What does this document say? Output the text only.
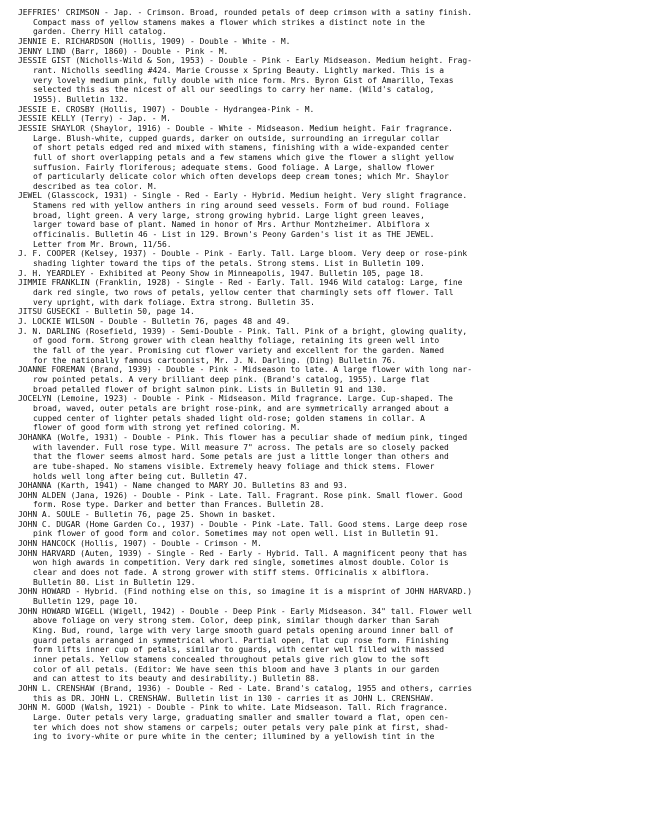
JEFFRIES' CRIMSON - Jap. - Crimson. Broad, rounded petals of deep crimson with a satiny finish.
Compact mass of yellow stamens makes a flower which strikes a distinct note in the
garden. Cherry Hill catalog.
JENNIE E. RICHARDSON (Hollis, 1909) - Double - White - M.
JENNY LIND (Barr, 1860) - Double - Pink - M.
JESSIE GIST (Nicholls-Wild & Son, 1953) - Double - Pink - Early Midseason. Medium height. Frag-
rant. Nicholls seedling #424. Marie Crousse x Spring Beauty. Lightly marked. This is a
very lovely medium pink, fully double with nice form. Mrs. Byron Gist of Amarillo, Texas
selected this as the nicest of all our seedlings to carry her name. (Wild's catalog,
1955). Bulletin 132.
JESSIE E. CROSBY (Hollis, 1907) - Double - Hydrangea-Pink - M.
JESSIE KELLY (Terry) - Jap. - M.
JESSIE SHAYLOR (Shaylor, 1916) - Double - White - Midseason. Medium height. Fair fragrance.
Large. Blush-white, cupped guards, darker on outside, surrounding an irregular collar
of short petals edged red and mixed with stamens, finishing with a wide-expanded center
full of short overlapping petals and a few stamens which give the flower a slight yellow
suffusion. Fairly floriferous; adequate stems. Good foliage. A Large, shallow flower
of particularly delicate color which often develops deep cream tones; which Mr. Shaylor
described as tea color. M.
JEWEL (Glasscock, 1931) - Single - Red - Early - Hybrid. Medium height. Very slight fragrance.
Stamens red with yellow anthers in ring around seed vessels. Form of bud round. Foliage
broad, light green. A very large, strong growing hybrid. Large light green leaves,
larger toward base of plant. Named in honor of Mrs. Arthur Montzheimer. Albiflora x
officinalis. Bulletin 46 - List in 129. Brown's Peony Garden's list it as THE JEWEL.
Letter from Mr. Brown, 11/56.
J. F. COOPER (Kelsey, 1937) - Double - Pink - Early. Tall. Large bloom. Very deep or rose-pink
shading lighter toward the tips of the petals. Strong stems. List in Bulletin 109.
J. H. YEARDLEY - Exhibited at Peony Show in Minneapolis, 1947. Bulletin 105, page 18.
JIMMIE FRANKLIN (Franklin, 1928) - Single - Red - Early. Tall. 1946 Wild catalog: Large, fine
dark red single, two rows of petals, yellow center that charmingly sets off flower. Tall
very upright, with dark foliage. Extra strong. Bulletin 35.
JITSU GUSECKI - Bulletin 50, page 14.
J. LOCKIE WILSON - Double - Bulletin 76, pages 48 and 49.
J. N. DARLING (Rosefield, 1939) - Semi-Double - Pink. Tall. Pink of a bright, glowing quality,
of good form. Strong grower with clean healthy foliage, retaining its green well into
the fall of the year. Promising cut flower variety and excellent for the garden. Named
for the nationally famous cartoonist, Mr. J. N. Darling. (Ding) Bulletin 76.
JOANNE FOREMAN (Brand, 1939) - Double - Pink - Midseason to late. A large flower with long nar-
row pointed petals. A very brilliant deep pink. (Brand's catalog, 1955). Large flat
broad petalled flower of bright salmon pink. Lists in Bulletin 91 and 130.
JOCELYN (Lemoine, 1923) - Double - Pink - Midseason. Mild fragrance. Large. Cup-shaped. The
broad, waved, outer petals are bright rose-pink, and are symmetrically arranged about a
cupped center of lighter petals shaded light old-rose; golden stamens in collar. A
flower of good form with strong yet refined coloring. M.
JOHANKA (Wolfe, 1931) - Double - Pink. This flower has a peculiar shade of medium pink, tinged
with lavender. Full rose type. Will measure 7" across. The petals are so closely packed
that the flower seems almost hard. Some petals are just a little longer than others and
are tube-shaped. No stamens visible. Extremely heavy foliage and thick stems. Flower
holds well long after being cut. Bulletin 47.
JOHANNA (Karth, 1941) - Name changed to MARY JO. Bulletins 83 and 93.
JOHN ALDEN (Jana, 1926) - Double - Pink - Late. Tall. Fragrant. Rose pink. Small flower. Good
form. Rose type. Darker and better than Frances. Bulletin 28.
JOHN A. SOULE - Bulletin 76, page 25. Shown in basket.
JOHN C. DUGAR (Home Garden Co., 1937) - Double - Pink -Late. Tall. Good stems. Large deep rose
pink flower of good form and color. Sometimes may not open well. List in Bulletin 91.
JOHN HANCOCK (Hollis, 1907) - Double - Crimson - M.
JOHN HARVARD (Auten, 1939) - Single - Red - Early - Hybrid. Tall. A magnificent peony that has
won high awards in competition. Very dark red single, sometimes almost double. Color is
clear and does not fade. A strong grower with stiff stems. Officinalis x albiflora.
Bulletin 80. List in Bulletin 129.
JOHN HOWARD - Hybrid. (Find nothing else on this, so imagine it is a misprint of JOHN HARVARD.)
Bulletin 129, page 10.
JOHN HOWARD WIGELL (Wigell, 1942) - Double - Deep Pink - Early Midseason. 34" tall. Flower well
above foliage on very strong stem. Color, deep pink, similar though darker than Sarah
King. Bud, round, large with very large smooth guard petals opening around inner ball of
guard petals arranged in symmetrical whorl. Partial open, flat cup rose form. Finishing
form lifts inner cup of petals, similar to guards, with center well filled with massed
inner petals. Yellow stamens concealed throughout petals give rich glow to the soft
color of all petals. (Editor: We have seen this bloom and have 3 plants in our garden
and can attest to its beauty and desirability.) Bulletin 88.
JOHN L. CRENSHAW (Brand, 1936) - Double - Red - Late. Brand's catalog, 1955 and others, carries
this as DR. JOHN L. CRENSHAW. Bulletin list in 130 - carries it as JOHN L. CRENSHAW.
JOHN M. GOOD (Walsh, 1921) - Double - Pink to white. Late Midseason. Tall. Rich fragrance.
Large. Outer petals very large, graduating smaller and smaller toward a flat, open cen-
ter which does not show stamens or carpels; outer petals very pale pink at first, shad-
ing to ivory-white or pure white in the center; illumined by a yellowish tint in the
